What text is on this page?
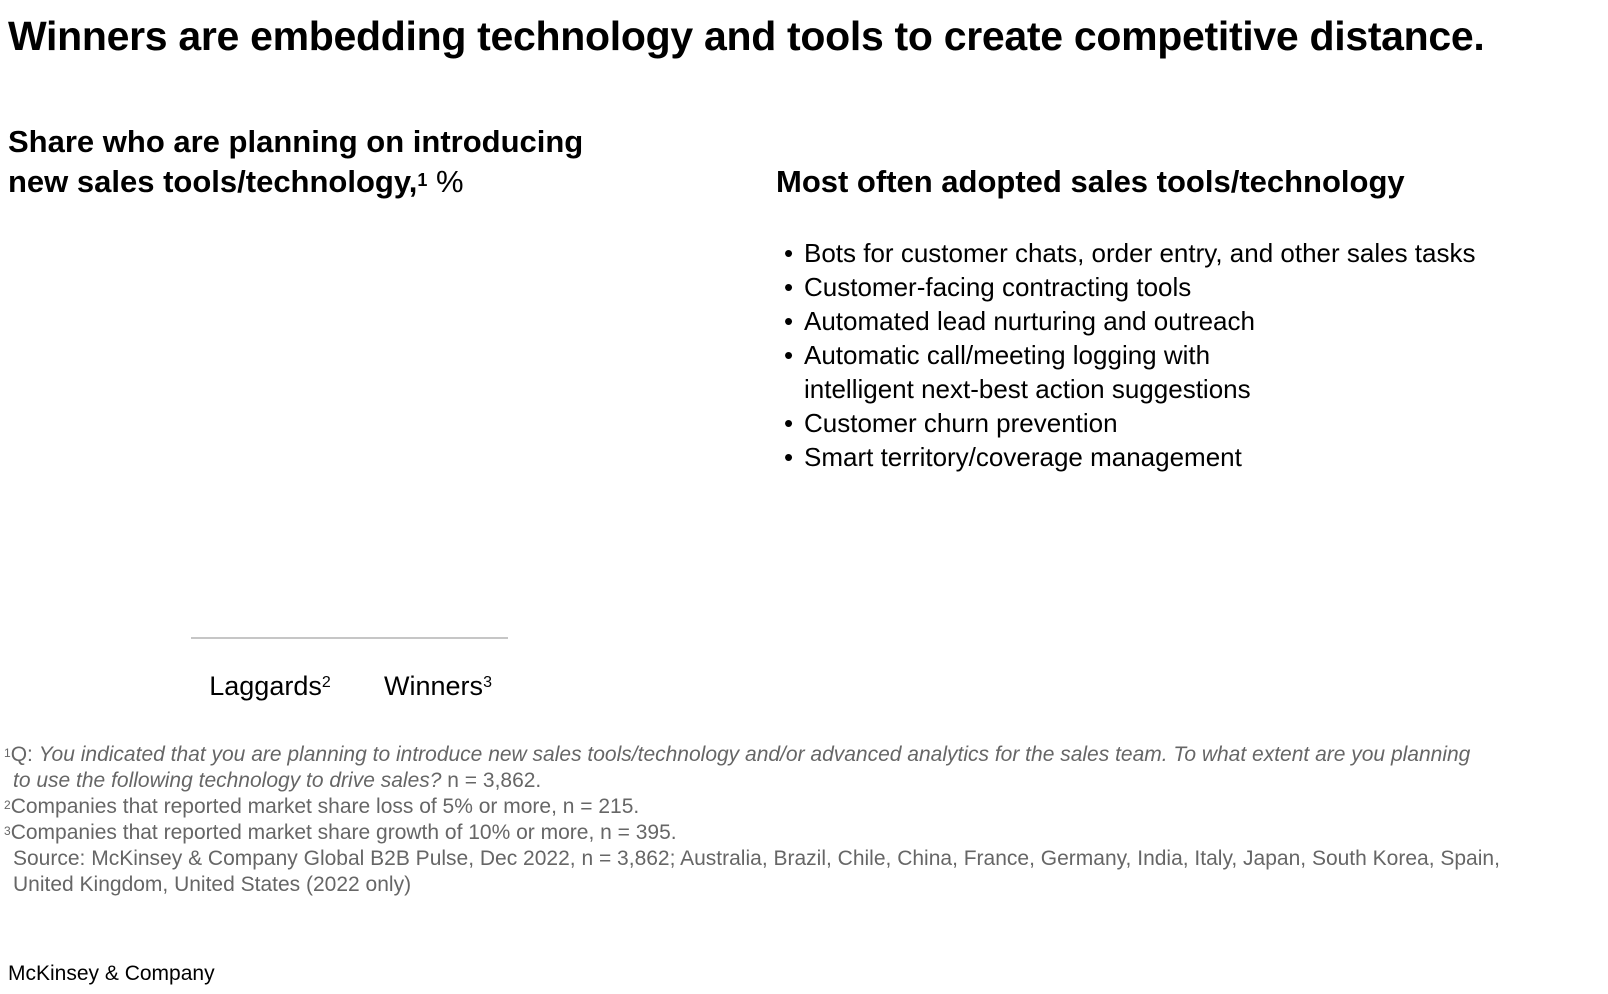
Winners are embedding technology and tools to create competitive distance.
Share who are planning on introducing
new sales tools/technology,$^1$ %
Laggards$^2$ Winners$^3$
Most often adopted sales tools/technology
• Bots for customer chats, order entry, and other sales tasks
• Customer-facing contracting tools
• Automated lead nurturing and outreach
• Automatic call/meeting logging with
intelligent next-best action suggestions
• Customer churn prevention
• Smart territory/coverage management
$^1$Q: You indicated that you are planning to introduce new sales tools/technology and/or advanced analytics for the sales team. To what extent are you planning
to use the following technology to drive sales? n = 3,862.
$^2$Companies that reported market share loss of 5% or more, n = 215.
$^3$Companies that reported market share growth of 10% or more, n = 395.
Source: McKinsey & Company Global B2B Pulse, Dec 2022, n = 3,862; Australia, Brazil, Chile, China, France, Germany, India, Italy, Japan, South Korea, Spain,
United Kingdom, United States (2022 only)
McKinsey & Company
